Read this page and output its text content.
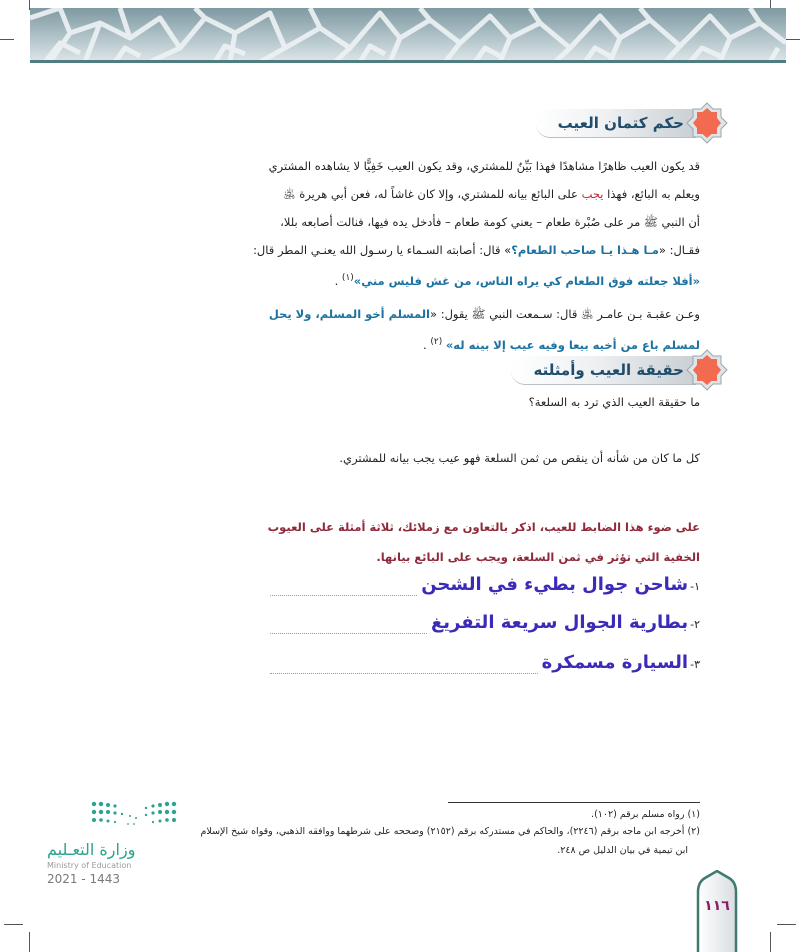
حكم كتمان العيب
قد يكون العيب ظاهرًا مشاهدًا فهذا بَيِّنٌ للمشتري، وقد يكون العيب خَفِيًّا لا يشاهده المشتري
ويعلم به البائع، فهذا يجب على البائع بيانه للمشتري، وإلا كان غاشاً له، فعن أبي هريرة ﵁
أن النبي ﷺ مر على صُبْرة طعام – يعني كومة طعام – فأدخل يده فيها، فنالت أصابعه بللا،
فقـال: «مـا هـذا يـا صاحب الطعام؟» قال: أصابته السـماء يا رسـول الله يعنـي المطر قال:
«أفلا جعلته فوق الطعام كي يراه الناس، من غش فليس مني»$^{(١)}$ .
وعـن عقبـة بـن عامـر ﵁ قال: سـمعت النبي ﷺ يقول: «المسلم أخو المسلم، ولا يحل
لمسلم باع من أخيه بيعا وفيه عيب إلا بينه له» $^{(٢)}$ .
حقيقة العيب وأمثلته
ما حقيقة العيب الذي ترد به السلعة؟
كل ما كان من شأنه أن ينقص من ثمن السلعة فهو عيب يجب بيانه للمشتري.
على ضوء هذا الضابط للعيب، اذكر بالتعاون مع زملائك، ثلاثة أمثلة على العيوب
الخفية التي تؤثر في ثمن السلعة، ويجب على البائع بيانها.
١-
شاحن جوال بطيء في الشحن
٢-
بطارية الجوال سريعة التفريغ
٣-
السيارة مسمكرة
(١) رواه مسلم برقم (١٠٢).
(٢) أخرجه ابن ماجه برقم (٢٢٤٦)، والحاكم في مستدركه برقم (٢١٥٢) وصححه على شرطهما ووافقه الذهبي، وقواه شيخ الإسلام
ابن تيمية في بيان الدليل ص ٢٤٨.
وزارة التعـليم
Ministry of Education
2021 - 1443
١١٦
